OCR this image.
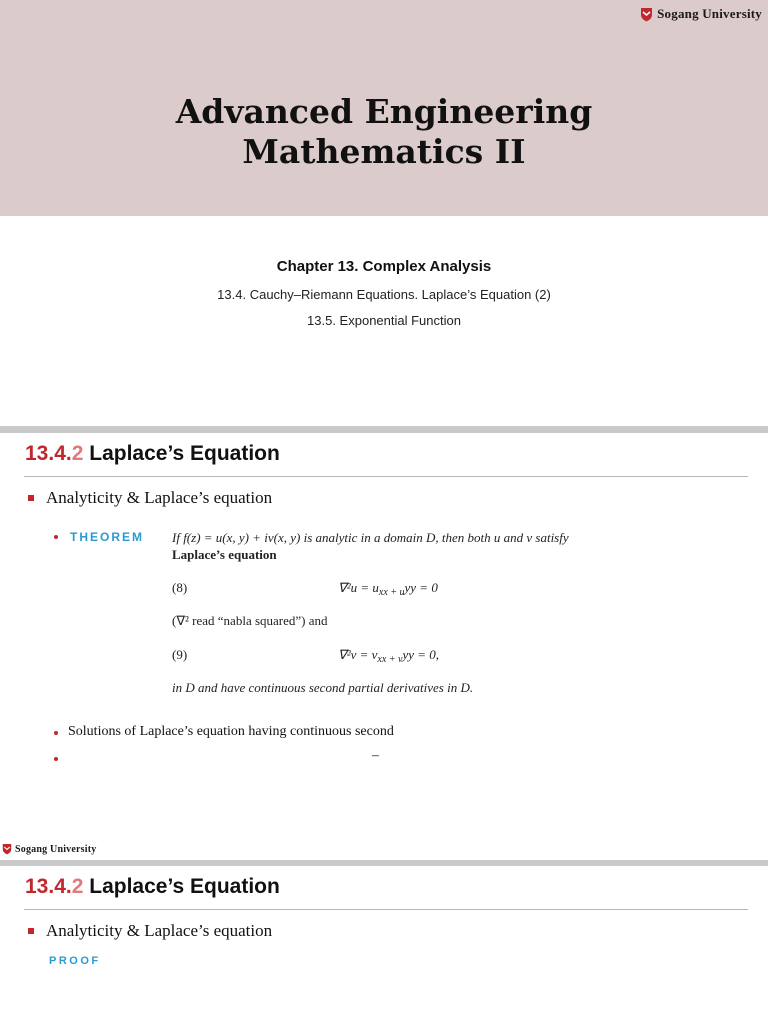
Sogang University
Advanced Engineering
Mathematics II
Chapter 13. Complex Analysis
13.4. Cauchy–Riemann Equations. Laplace’s Equation (2)
13.5. Exponential Function
13.4.2 Laplace’s Equation
Analyticity & Laplace’s equation
THEOREM If f(z) = u(x, y) + iv(x, y) is analytic in a domain D, then both u and v satisfy
Laplace’s equation
(8)	$\nabla^2u = u_{xx + u}yy = 0$
(∇² read “nabla squared”) and
(9)	$\nabla^2v = v_{xx + v}yy = 0$,
in D and have continuous second partial derivatives in D.
Solutions of Laplace’s equation having continuous second
–
Sogang University
13.4.2 Laplace’s Equation
Analyticity & Laplace’s equation
PROOF
